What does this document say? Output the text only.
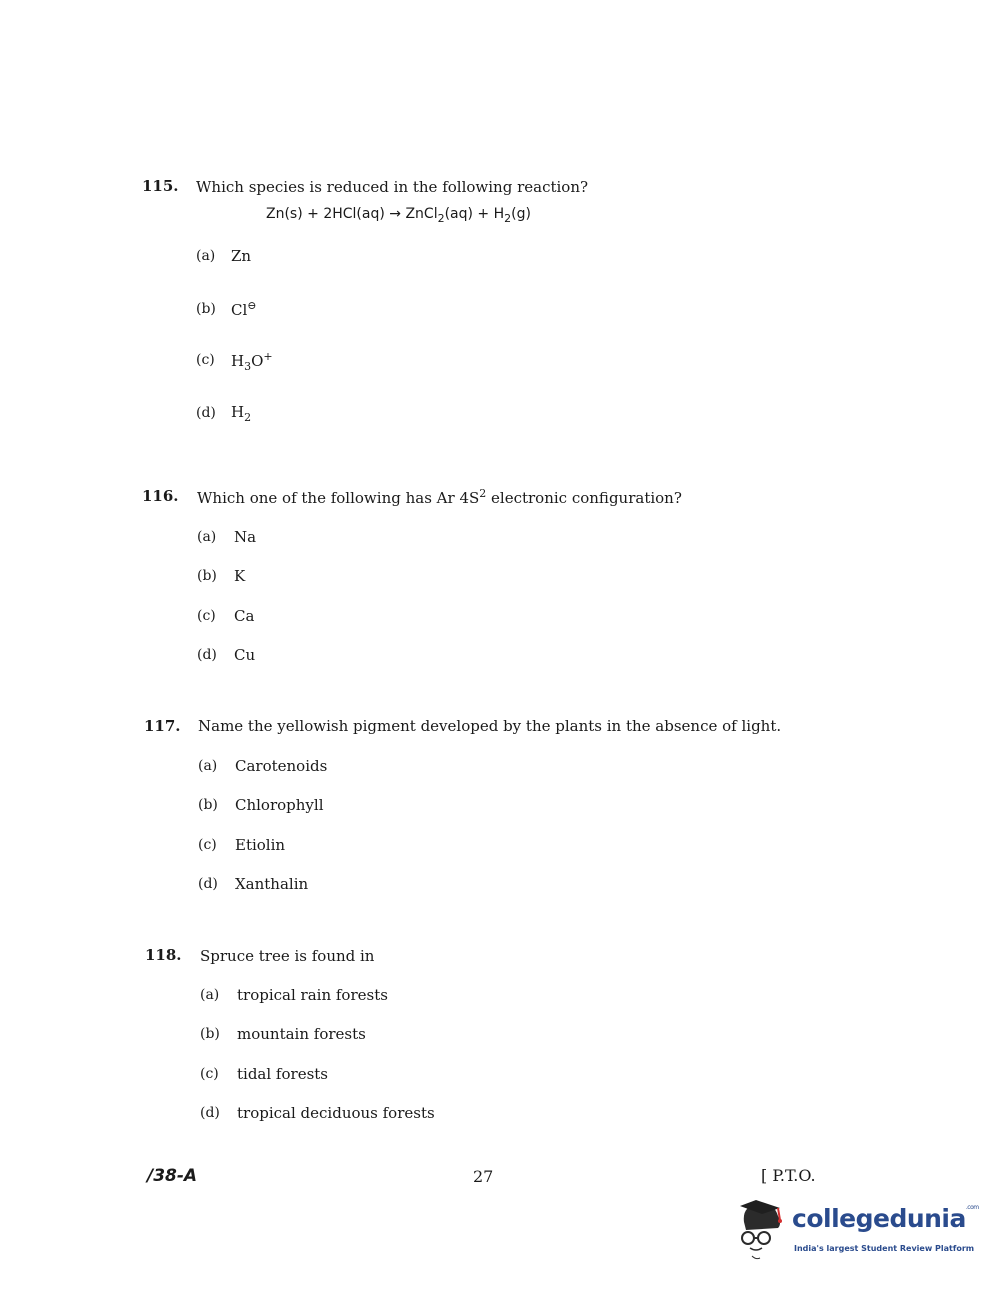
115. Which species is reduced in the following reaction?
Zn(s) + 2HCl(aq) → ZnCl$_2$(aq) + $H_2(g)$
(a) Zn
(b) Cl⊖
(c) $H_3O^+$
(d) $H_2$
116. Which one of the following has Ar $4S^2$ electronic configuration?
(a) Na
(b) K
(c) Ca
(d) Cu
117. Name the yellowish pigment developed by the plants in the absence of light.
(a) Carotenoids
(b) Chlorophyll
(c) Etiolin
(d) Xanthalin
118. Spruce tree is found in
(a) tropical rain forests
(b) mountain forests
(c) tidal forests
(d) tropical deciduous forests
/38-A	27	[ P.T.O.
collegedunia$^{.com}$
India's largest Student Review Platform
